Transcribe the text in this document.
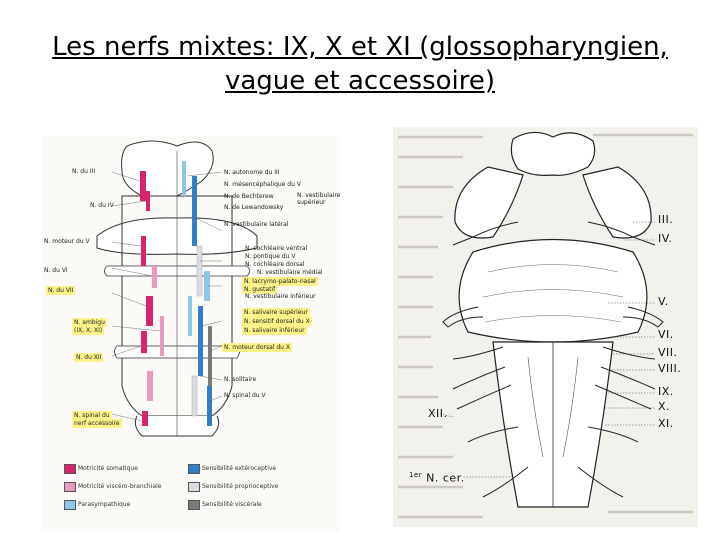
Les nerfs mixtes: IX, X et XI (glossopharyngien,
vague et accessoire)
N. du III
N. du IV
N. moteur du V
N. du VI
N. du VII
N. ambigu
(IX, X, XI)
N. du XII
N. spinal du
nerf accessoire
N. autonome du III
N. mésencéphalique du V
N. de Bechterew
N. de Lewandowsky
N. vestibulaire
supérieur
N. vestibulaire latéral
N. cochléaire ventral
N. pontique du V
N. cochléaire dorsal
N. vestibulaire médial
N. lacrymo-palato-nasal
N. gustatif
N. vestibulaire inférieur
N. salivaire supérieur
N. sensitif dorsal du X
N. salivaire inférieur
N. moteur dorsal du X
N. solitaire
N. spinal du V
Motricité somatique
Motricité viscéro-branchiale
Parasympathique
Sensibilité extéroceptive
Sensibilité proprioceptive
Sensibilité viscérale
III.
IV.
V.
VI.
VII.
VIII.
IX.
X.
XI.
XII.
$^{1er}$ N. cer.
